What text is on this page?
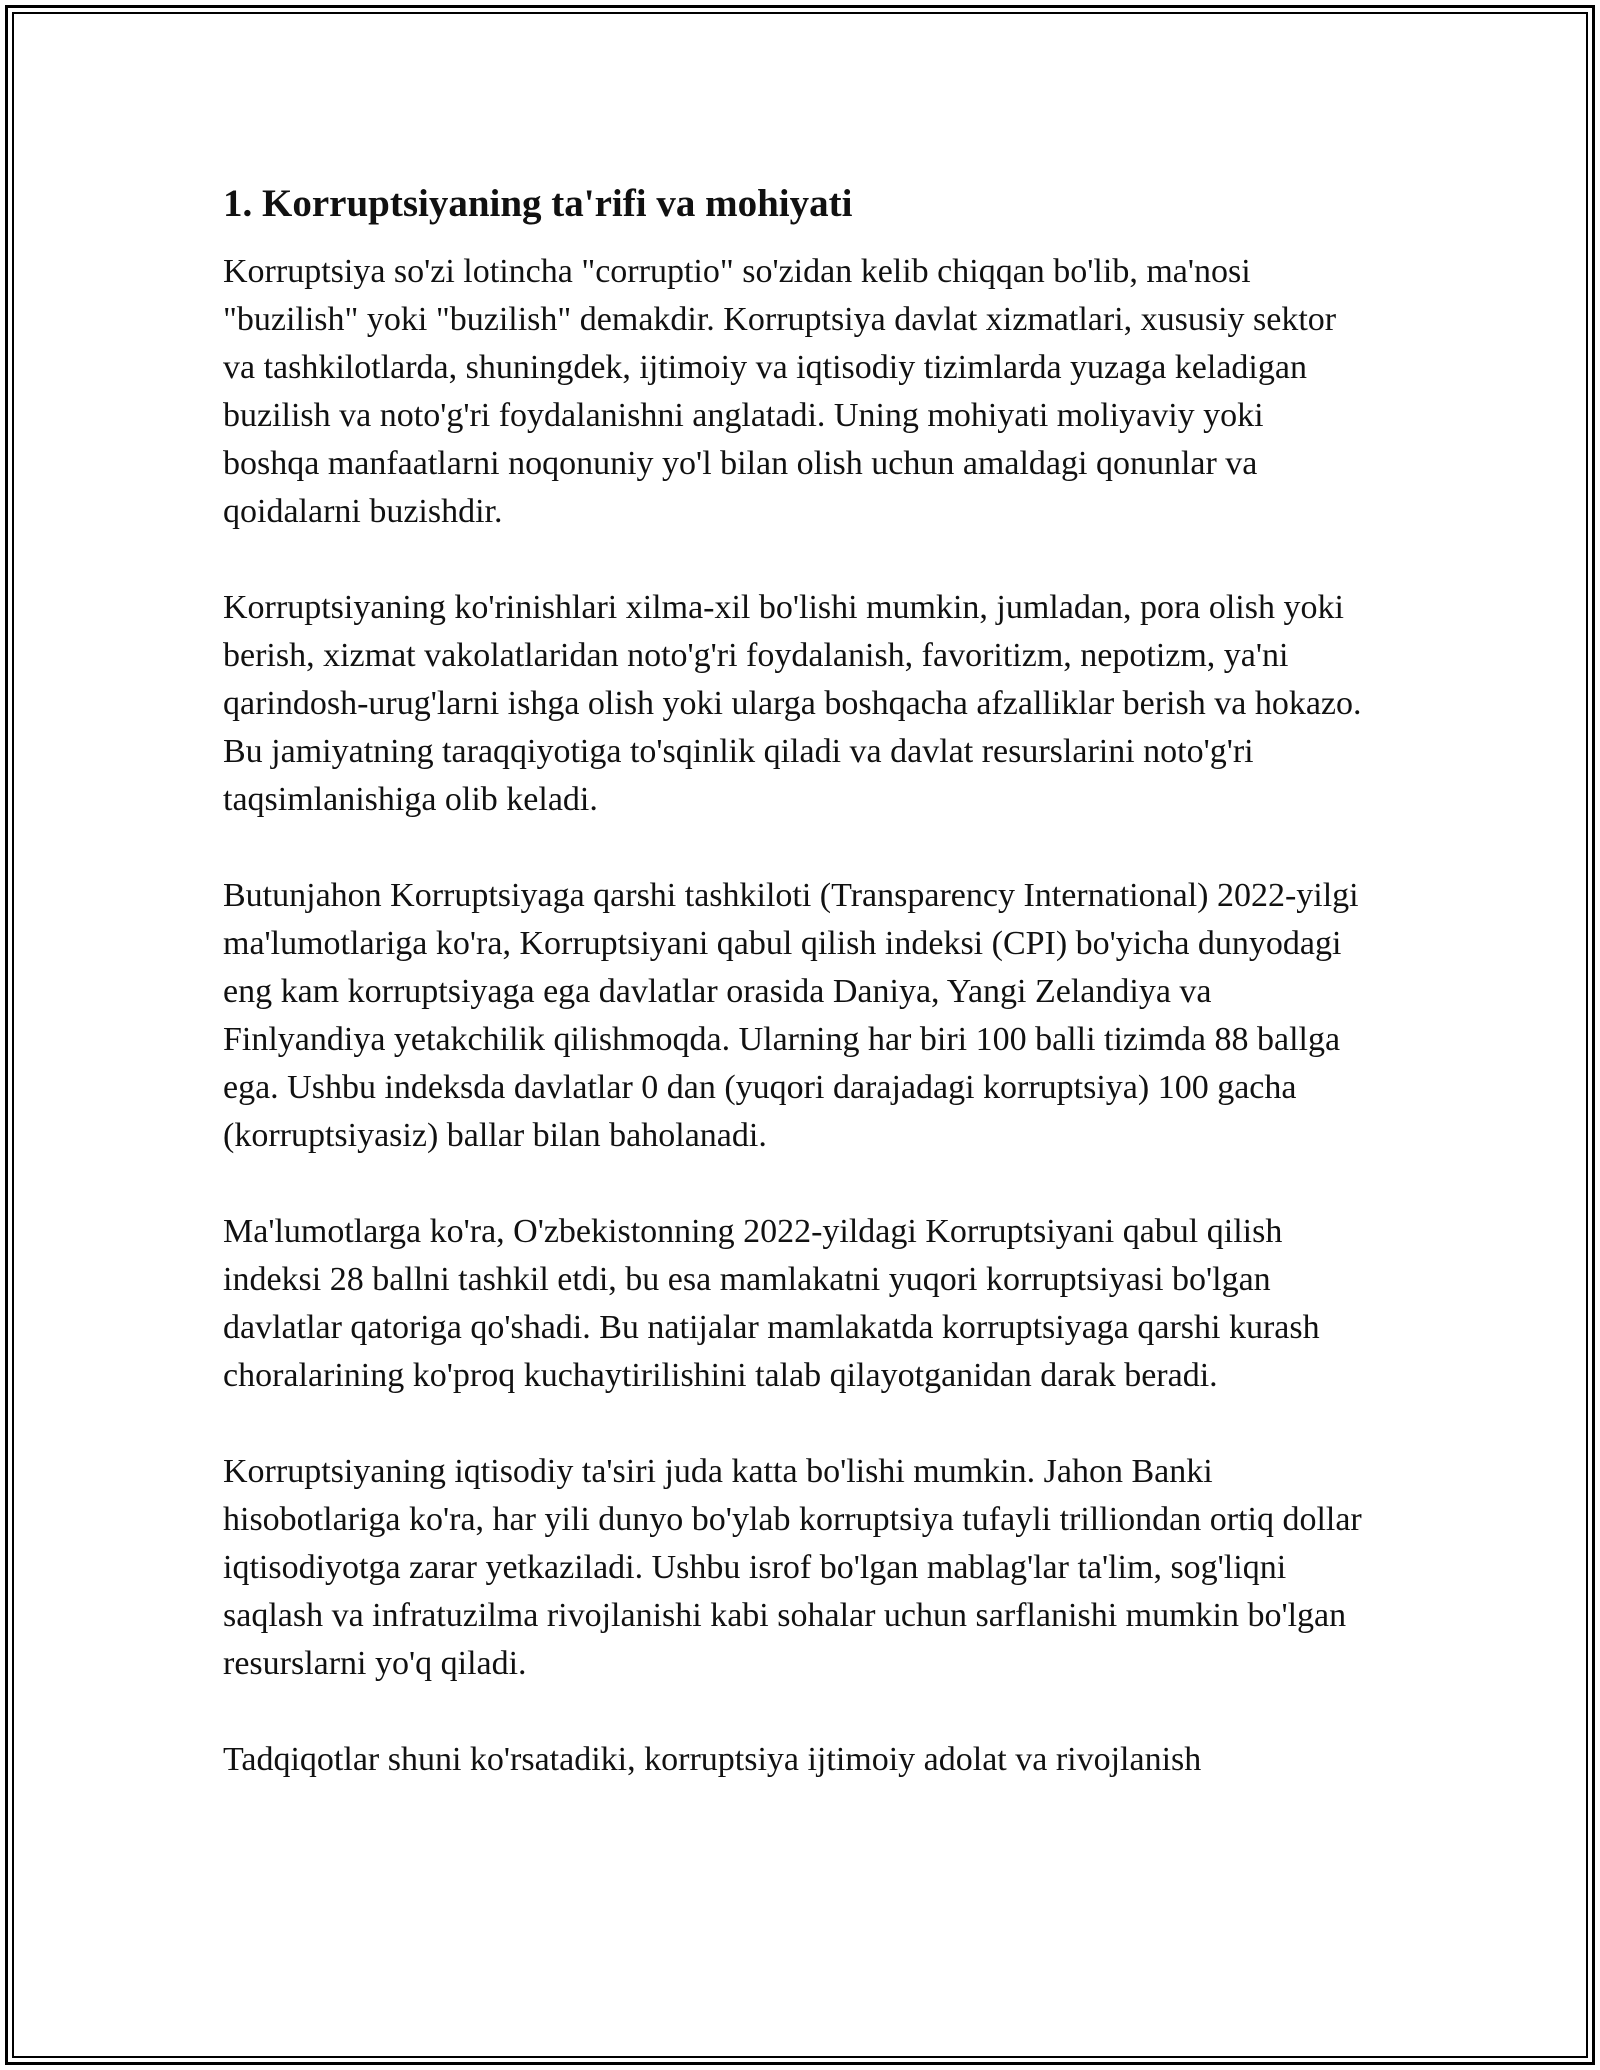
1. Korruptsiyaning ta'rifi va mohiyati

Korruptsiya so'zi lotincha "corruptio" so'zidan kelib chiqqan bo'lib, ma'nosi "buzilish" yoki "buzilish" demakdir. Korruptsiya davlat xizmatlari, xususiy sektor va tashkilotlarda, shuningdek, ijtimoiy va iqtisodiy tizimlarda yuzaga keladigan buzilish va noto'g'ri foydalanishni anglatadi. Uning mohiyati moliyaviy yoki boshqa manfaatlarni noqonuniy yo'l bilan olish uchun amaldagi qonunlar va qoidalarni buzishdir.

Korruptsiyaning ko'rinishlari xilma-xil bo'lishi mumkin, jumladan, pora olish yoki berish, xizmat vakolatlaridan noto'g'ri foydalanish, favoritizm, nepotizm, ya'ni qarindosh-urug'larni ishga olish yoki ularga boshqacha afzalliklar berish va hokazo. Bu jamiyatning taraqqiyotiga to'sqinlik qiladi va davlat resurslarini noto'g'ri taqsimlanishiga olib keladi.

Butunjahon Korruptsiyaga qarshi tashkiloti (Transparency International) 2022-yilgi ma'lumotlariga ko'ra, Korruptsiyani qabul qilish indeksi (CPI) bo'yicha dunyodagi eng kam korruptsiyaga ega davlatlar orasida Daniya, Yangi Zelandiya va Finlyandiya yetakchilik qilishmoqda. Ularning har biri 100 balli tizimda 88 ballga ega. Ushbu indeksda davlatlar 0 dan (yuqori darajadagi korruptsiya) 100 gacha (korruptsiyasiz) ballar bilan baholanadi.

Ma'lumotlarga ko'ra, O'zbekistonning 2022-yildagi Korruptsiyani qabul qilish indeksi 28 ballni tashkil etdi, bu esa mamlakatni yuqori korruptsiyasi bo'lgan davlatlar qatoriga qo'shadi. Bu natijalar mamlakatda korruptsiyaga qarshi kurash choralarining ko'proq kuchaytirilishini talab qilayotganidan darak beradi.

Korruptsiyaning iqtisodiy ta'siri juda katta bo'lishi mumkin. Jahon Banki hisobotlariga ko'ra, har yili dunyo bo'ylab korruptsiya tufayli trilliondan ortiq dollar iqtisodiyotga zarar yetkaziladi. Ushbu isrof bo'lgan mablag'lar ta'lim, sog'liqni saqlash va infratuzilma rivojlanishi kabi sohalar uchun sarflanishi mumkin bo'lgan resurslarni yo'q qiladi.

Tadqiqotlar shuni ko'rsatadiki, korruptsiya ijtimoiy adolat va rivojlanish
